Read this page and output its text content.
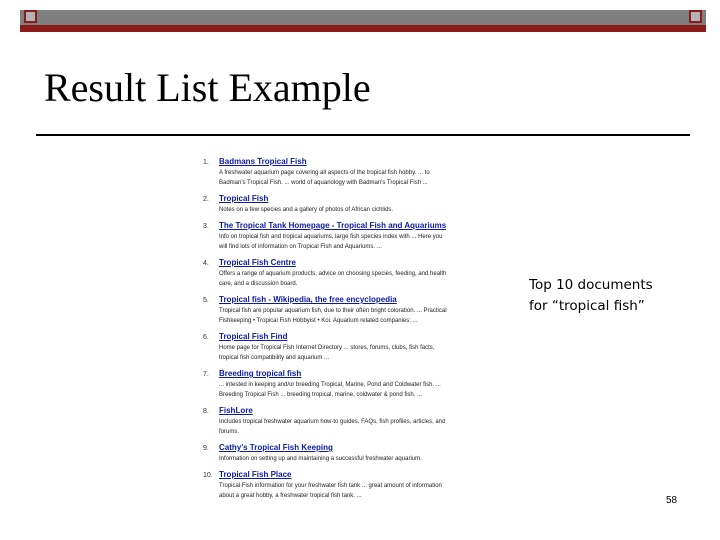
Result List Example
1. Badmans Tropical Fish
A freshwater aquarium page covering all aspects of the tropical fish hobby. ... to
Badman's Tropical Fish. ... world of aquariology with Badman's Tropical Fish ...
2. Tropical Fish
Notes on a few species and a gallery of photos of African cichlids.
3. The Tropical Tank Homepage - Tropical Fish and Aquariums
Info on tropical fish and tropical aquariums, large fish species index with ... Here you
will find lots of information on Tropical Fish and Aquariums. ...
4. Tropical Fish Centre
Offers a range of aquarium products, advice on choosing species, feeding, and health
care, and a discussion board.
5. Tropical fish - Wikipedia, the free encyclopedia
Tropical fish are popular aquarium fish, due to their often bright coloration. ... Practical
Fishkeeping • Tropical Fish Hobbyist • Koi. Aquarium related companies: ...
6. Tropical Fish Find
Home page for Tropical Fish Internet Directory ... stores, forums, clubs, fish facts,
tropical fish compatibility and aquarium ...
7. Breeding tropical fish
... intested in keeping and/or breeding Tropical, Marine, Pond and Coldwater fish. ...
Breeding Tropical Fish ... breeding tropical, marine, coldwater & pond fish. ...
8. FishLore
Includes tropical freshwater aquarium how-to guides, FAQs, fish profiles, articles, and
forums.
9. Cathy's Tropical Fish Keeping
Information on setting up and maintaining a successful freshwater aquarium.
10. Tropical Fish Place
Tropical Fish information for your freshwater fish tank ... great amount of information
about a great hobby, a freshwater tropical fish tank. ...
Top 10 documents
for “tropical fish”
58
